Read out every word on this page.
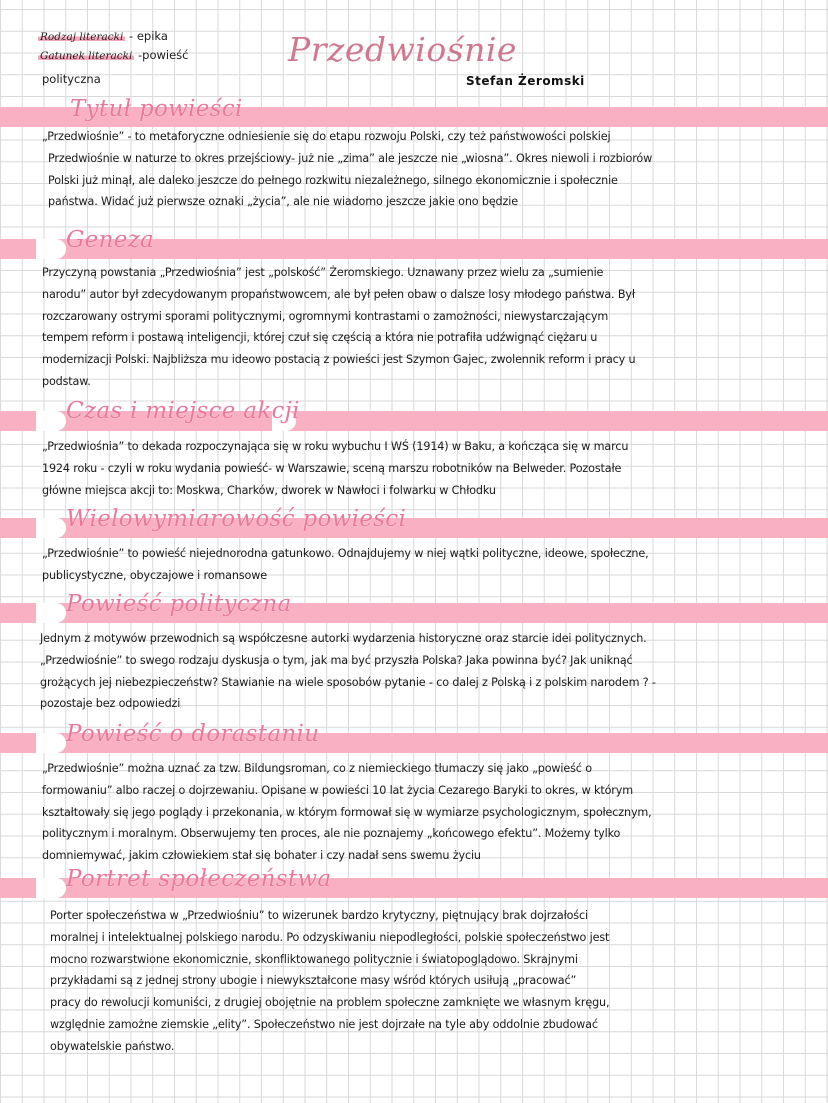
Rodzaj literacki - epika
Gatunek literacki -powieść
polityczna
Przedwiośnie
Stefan Żeromski
Tytuł powieści
„Przedwiośnie” - to metaforyczne odniesienie się do etapu rozwoju Polski, czy też państwowości polskiej
Przedwiośnie w naturze to okres przejściowy- już nie „zima” ale jeszcze nie „wiosna”. Okres niewoli i rozbiorów
Polski już minął, ale daleko jeszcze do pełnego rozkwitu niezależnego, silnego ekonomicznie i społecznie
państwa. Widać już pierwsze oznaki „życia”, ale nie wiadomo jeszcze jakie ono będzie
Geneza
Przyczyną powstania „Przedwiośnia” jest „polskość” Żeromskiego. Uznawany przez wielu za „sumienie
narodu” autor był zdecydowanym propaństwowcem, ale był pełen obaw o dalsze losy młodego państwa. Był
rozczarowany ostrymi sporami politycznymi, ogromnymi kontrastami o zamożności, niewystarczającym
tempem reform i postawą inteligencji, której czuł się częścią a która nie potrafiła udźwignąć ciężaru u
modernizacji Polski. Najbliższa mu ideowo postacią z powieści jest Szymon Gajec, zwolennik reform i pracy u
podstaw.
Czas i miejsce akcji
„Przedwiośnia” to dekada rozpoczynająca się w roku wybuchu I WŚ (1914) w Baku, a kończąca się w marcu
1924 roku - czyli w roku wydania powieść- w Warszawie, sceną marszu robotników na Belweder. Pozostałe
główne miejsca akcji to: Moskwa, Charków, dworek w Nawłoci i folwarku w Chłodku
Wielowymiarowość powieści
„Przedwiośnie” to powieść niejednorodna gatunkowo. Odnajdujemy w niej wątki polityczne, ideowe, społeczne,
publicystyczne, obyczajowe i romansowe
Powieść polityczna
Jednym z motywów przewodnich są współczesne autorki wydarzenia historyczne oraz starcie idei politycznych.
„Przedwiośnie” to swego rodzaju dyskusja o tym, jak ma być przyszła Polska? Jaka powinna być? Jak uniknąć
grożących jej niebezpieczeństw? Stawianie na wiele sposobów pytanie - co dalej z Polską i z polskim narodem ? -
pozostaje bez odpowiedzi
Powieść o dorastaniu
„Przedwiośnie” można uznać za tzw. Bildungsroman, co z niemieckiego tłumaczy się jako „powieść o
formowaniu” albo raczej o dojrzewaniu. Opisane w powieści 10 lat życia Cezarego Baryki to okres, w którym
kształtowały się jego poglądy i przekonania, w którym formował się w wymiarze psychologicznym, społecznym,
politycznym i moralnym. Obserwujemy ten proces, ale nie poznajemy „końcowego efektu”. Możemy tylko
domniemywać, jakim człowiekiem stał się bohater i czy nadał sens swemu życiu
Portret społeczeństwa
Porter społeczeństwa w „Przedwiośniu” to wizerunek bardzo krytyczny, piętnujący brak dojrzałości
moralnej i intelektualnej polskiego narodu. Po odzyskiwaniu niepodległości, polskie społeczeństwo jest
mocno rozwarstwione ekonomicznie, skonfliktowanego politycznie i światopoglądowo. Skrajnymi
przykładami są z jednej strony ubogie i niewykształcone masy wśród których usiłują „pracować”
pracy do rewolucji komuniści, z drugiej obojętnie na problem społeczne zamknięte we własnym kręgu,
względnie zamożne ziemskie „elity”. Społeczeństwo nie jest dojrzałe na tyle aby oddolnie zbudować
obywatelskie państwo.
